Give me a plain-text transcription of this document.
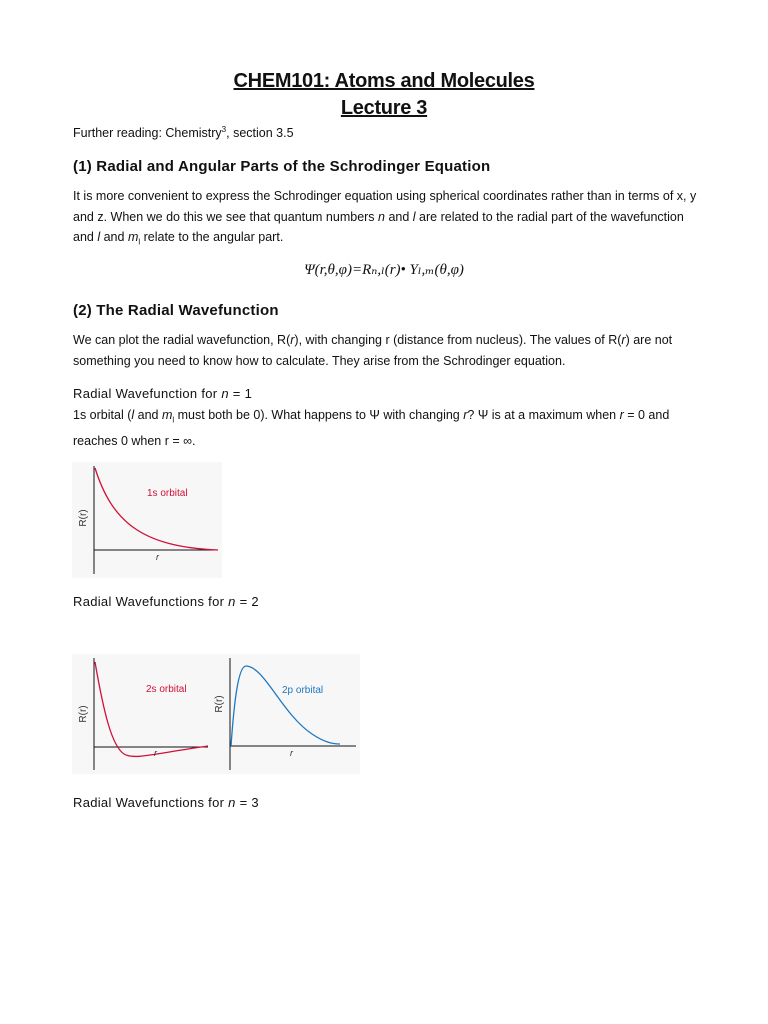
CHEM101: Atoms and Molecules
Lecture 3
Further reading: Chemistry$^3$, section 3.5
(1) Radial and Angular Parts of the Schrodinger Equation
It is more convenient to express the Schrodinger equation using spherical coordinates rather than in terms of x, y and z. When we do this we see that quantum numbers n and l are related to the radial part of the wavefunction and l and $m_l$ relate to the angular part.
Ψ(r,θ,φ)=Rₙ,ₗ(r)• Yₗ,ₘ(θ,φ)
(2) The Radial Wavefunction
We can plot the radial wavefunction, R(r), with changing r (distance from nucleus). The values of R(r) are not something you need to know how to calculate. They arise from the Schrodinger equation.
Radial Wavefunction for n = 1
1s orbital (l and $m_l$ must both be 0). What happens to Ψ with changing r? Ψ is at a maximum when r = 0 and reaches 0 when r = ∞.
1s orbital
R(r)
r
Radial Wavefunctions for n = 2
2s orbital
R(r)
r
2p orbital
R(r)
r
Radial Wavefunctions for n = 3
